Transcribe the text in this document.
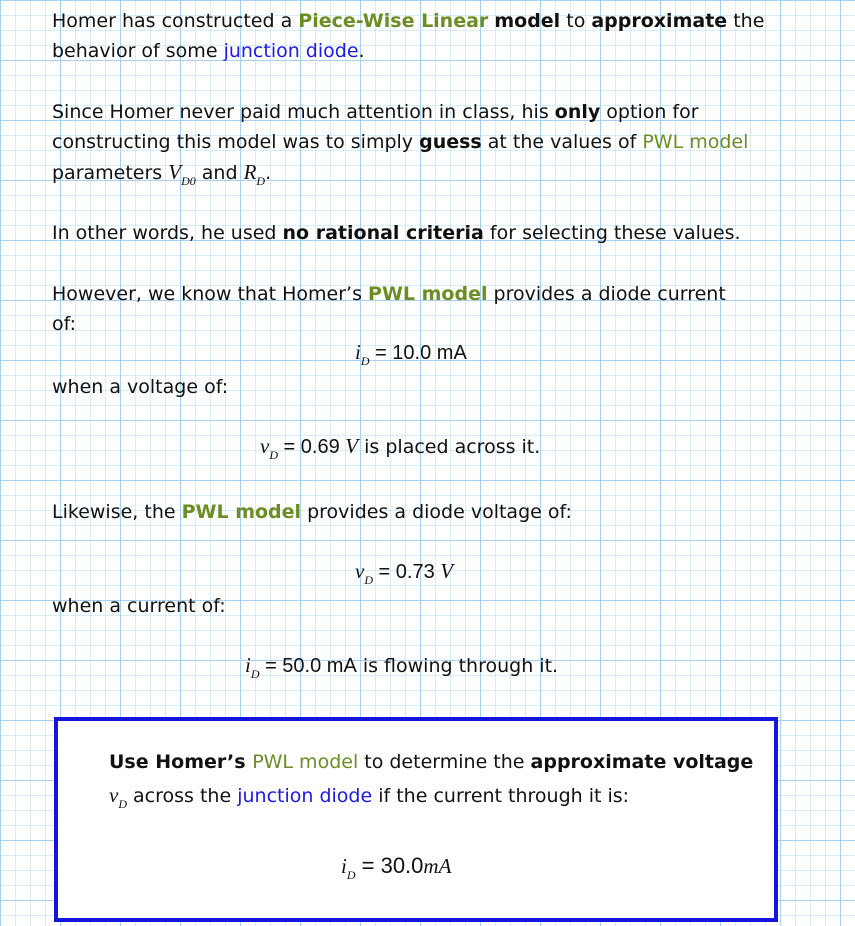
Homer has constructed a Piece-Wise Linear model to approximate the
behavior of some junction diode.
Since Homer never paid much attention in class, his only option for
constructing this model was to simply guess at the values of PWL model
parameters $V_{D0}$ and $R_D$.
In other words, he used no rational criteria for selecting these values.
However, we know that Homer’s PWL model provides a diode current
of:
$i_D = 10.0$ mA
when a voltage of:
$v_D = 0.69$ V is placed across it.
Likewise, the PWL model provides a diode voltage of:
$v_D = 0.73$ V
when a current of:
$i_D = 50.0$ mA is flowing through it.
Use Homer’s PWL model to determine the approximate voltage
$v_D$ across the junction diode if the current through it is:
$i_D = 30.0mA$
